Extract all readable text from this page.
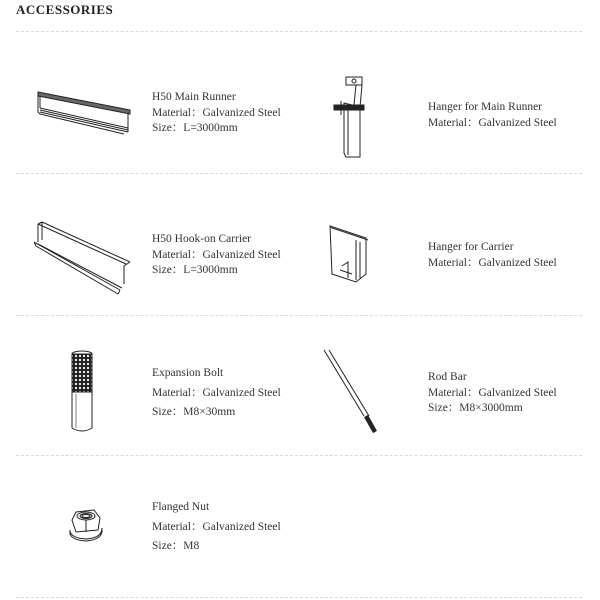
ACCESSORIES
H50 Main Runner
Material：Galvanized Steel
Size：L=3000mm
Hanger for Main Runner
Material：Galvanized Steel
H50 Hook-on Carrier
Material：Galvanized Steel
Size：L=3000mm
Hanger for Carrier
Material：Galvanized Steel
Expansion Bolt
Material：Galvanized Steel
Size：M8×30mm
Rod Bar
Material：Galvanized Steel
Size：M8×3000mm
Flanged Nut
Material：Galvanized Steel
Size：M8
